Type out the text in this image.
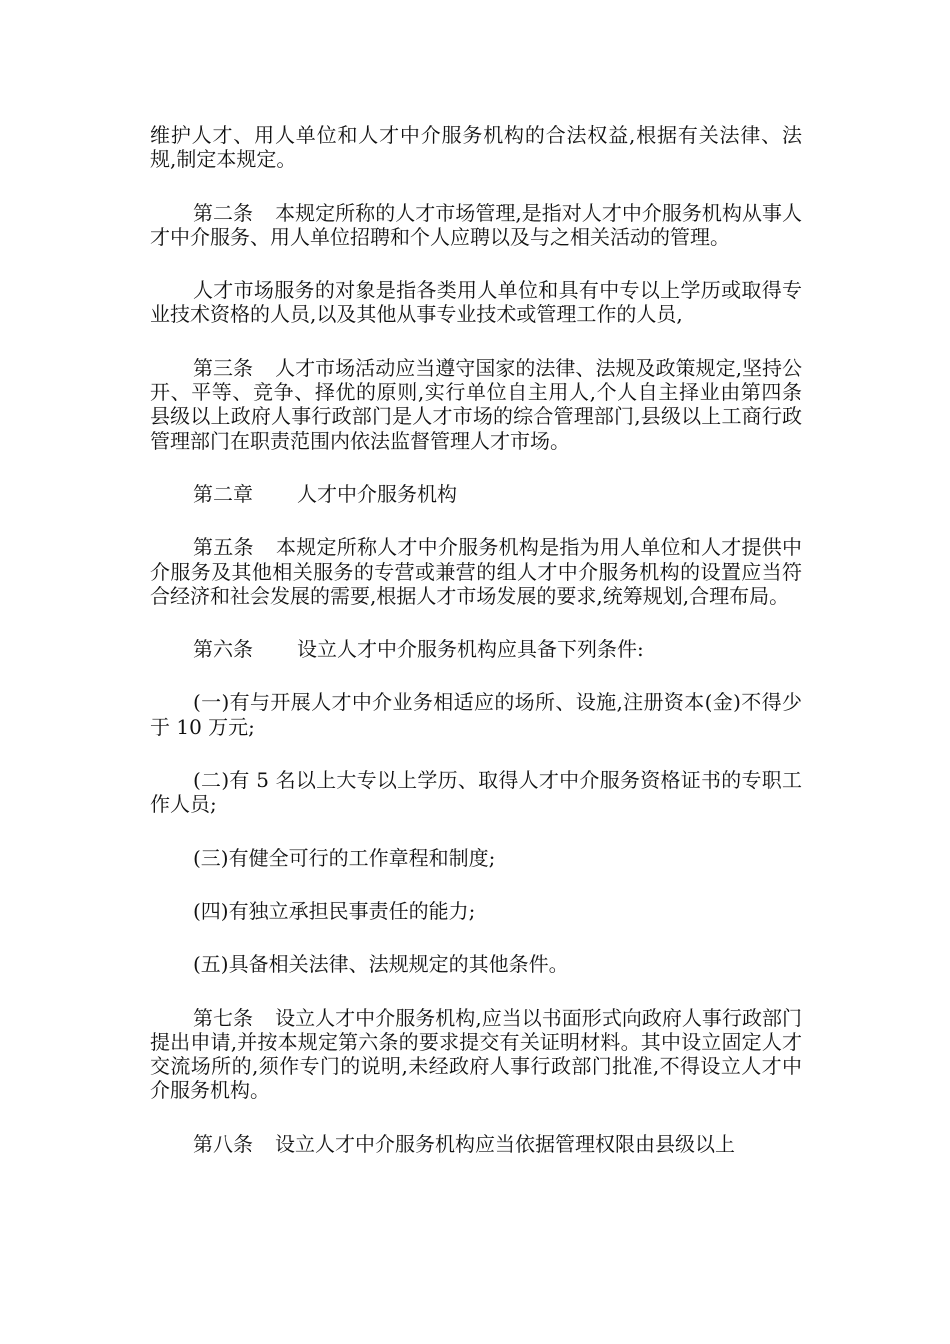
维护人才、用人单位和人才中介服务机构的合法权益,根据有关法律、法规,制定本规定。

第二条 本规定所称的人才市场管理,是指对人才中介服务机构从事人才中介服务、用人单位招聘和个人应聘以及与之相关活动的管理。

人才市场服务的对象是指各类用人单位和具有中专以上学历或取得专业技术资格的人员,以及其他从事专业技术或管理工作的人员,

第三条 人才市场活动应当遵守国家的法律、法规及政策规定,坚持公开、平等、竞争、择优的原则,实行单位自主用人,个人自主择业由第四条县级以上政府人事行政部门是人才市场的综合管理部门,县级以上工商行政管理部门在职责范围内依法监督管理人才市场。

第二章 人才中介服务机构

第五条 本规定所称人才中介服务机构是指为用人单位和人才提供中介服务及其他相关服务的专营或兼营的组人才中介服务机构的设置应当符合经济和社会发展的需要,根据人才市场发展的要求,统筹规划,合理布局。

第六条 设立人才中介服务机构应具备下列条件:

(一)有与开展人才中介业务相适应的场所、设施,注册资本(金)不得少于 10 万元;

(二)有 5 名以上大专以上学历、取得人才中介服务资格证书的专职工作人员;

(三)有健全可行的工作章程和制度;

(四)有独立承担民事责任的能力;

(五)具备相关法律、法规规定的其他条件。

第七条 设立人才中介服务机构,应当以书面形式向政府人事行政部门提出申请,并按本规定第六条的要求提交有关证明材料。其中设立固定人才交流场所的,须作专门的说明,未经政府人事行政部门批准,不得设立人才中介服务机构。

第八条 设立人才中介服务机构应当依据管理权限由县级以上
